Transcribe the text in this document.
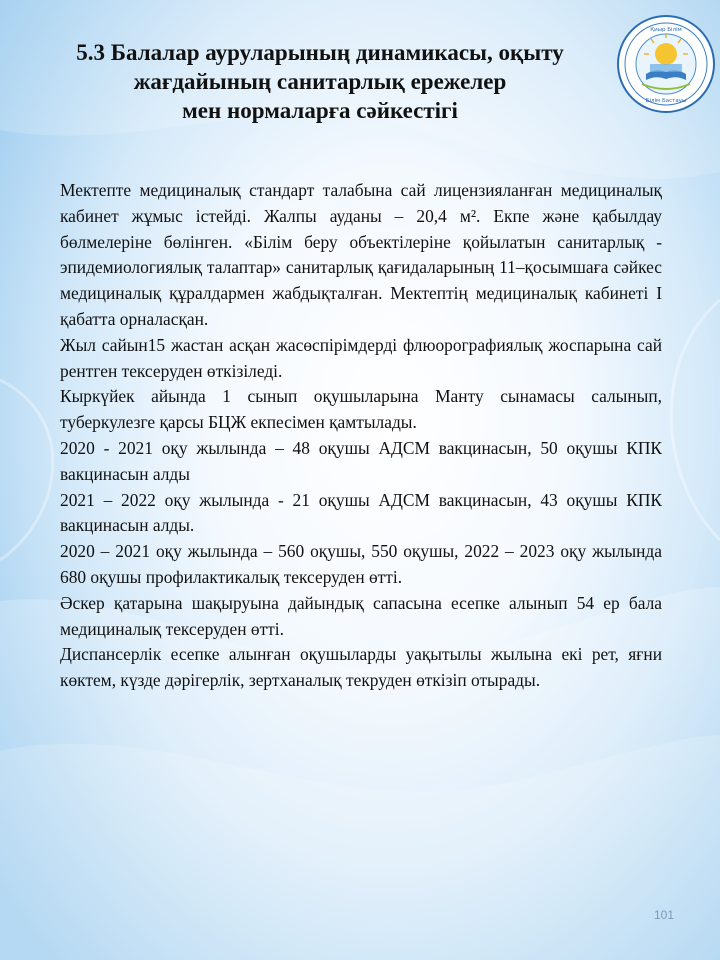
5.3 Балалар ауруларының динамикасы, оқыту
жағдайының санитарлық ережелер
мен нормаларға сәйкестігі
Қиыр Білім
Білім Бастауы

Мектепте медициналық стандарт талабына сай лицензияланған медициналық кабинет жұмыс істейді. Жалпы ауданы – 20,4 м². Екпе және қабылдау бөлмелеріне бөлінген. «Білім беру объектілеріне қойылатын санитарлық - эпидемиологиялық талаптар» санитарлық қағидаларының 11–қосымшаға сәйкес медициналық құралдармен жабдықталған. Мектептің медициналық кабинеті I қабатта орналасқан.

Жыл сайын15 жастан асқан жасөспірімдерді флюорографиялық жоспарына сай рентген тексеруден өткізіледі.

Кыркүйек айында 1 сынып оқушыларына Манту сынамасы салынып, туберкулезге қарсы БЦЖ екпесімен қамтылады.

2020 - 2021 оқу жылында – 48 оқушы АДСМ вакцинасын, 50 оқушы КПК вакцинасын алды

2021 – 2022 оқу жылында - 21 оқушы АДСМ вакцинасын, 43 оқушы КПК вакцинасын алды.

2020 – 2021 оқу жылында – 560 оқушы, 550 оқушы, 2022 – 2023 оқу жылында 680 оқушы профилактикалық тексеруден өтті.

Әскер қатарына шақыруына дайындық сапасына есепке алынып 54 ер бала медициналық тексеруден өтті.

Диспансерлік есепке алынған оқушыларды уақытылы жылына екі рет, яғни көктем, күзде дәрігерлік, зертханалық текруден өткізіп отырады.

101
